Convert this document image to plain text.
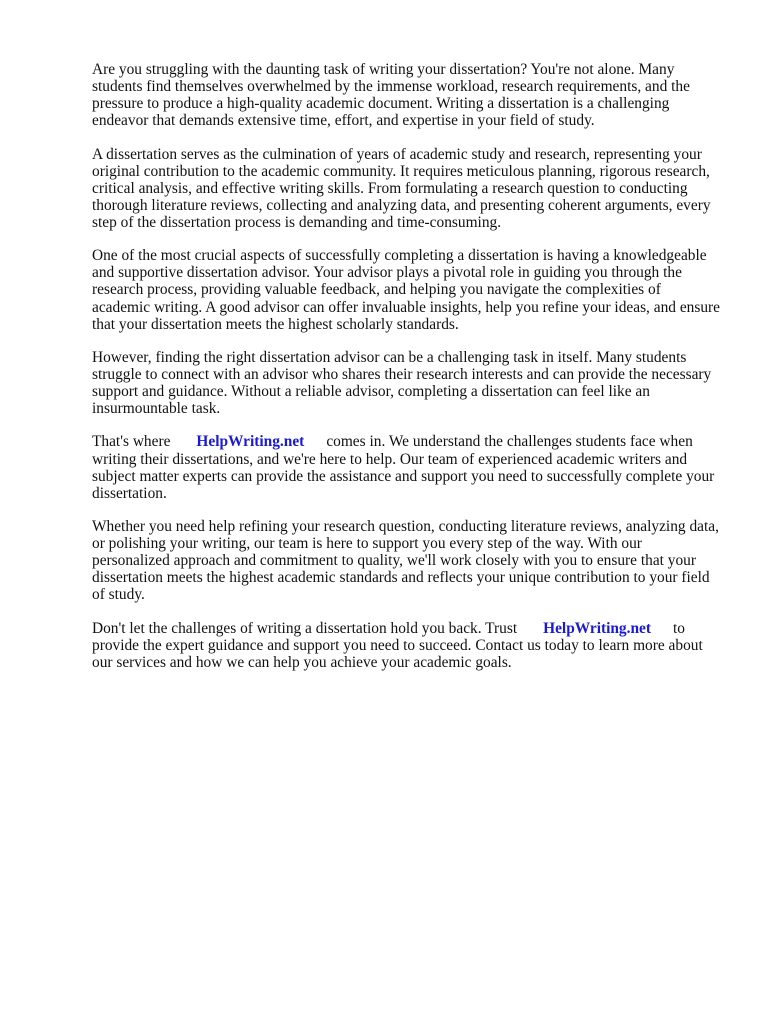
Are you struggling with the daunting task of writing your dissertation? You're not alone. Many students find themselves overwhelmed by the immense workload, research requirements, and the pressure to produce a high-quality academic document. Writing a dissertation is a challenging endeavor that demands extensive time, effort, and expertise in your field of study.

A dissertation serves as the culmination of years of academic study and research, representing your original contribution to the academic community. It requires meticulous planning, rigorous research, critical analysis, and effective writing skills. From formulating a research question to conducting thorough literature reviews, collecting and analyzing data, and presenting coherent arguments, every step of the dissertation process is demanding and time-consuming.

One of the most crucial aspects of successfully completing a dissertation is having a knowledgeable and supportive dissertation advisor. Your advisor plays a pivotal role in guiding you through the research process, providing valuable feedback, and helping you navigate the complexities of academic writing. A good advisor can offer invaluable insights, help you refine your ideas, and ensure that your dissertation meets the highest scholarly standards.

However, finding the right dissertation advisor can be a challenging task in itself. Many students struggle to connect with an advisor who shares their research interests and can provide the necessary support and guidance. Without a reliable advisor, completing a dissertation can feel like an insurmountable task.

That's where HelpWriting.net comes in. We understand the challenges students face when writing their dissertations, and we're here to help. Our team of experienced academic writers and subject matter experts can provide the assistance and support you need to successfully complete your dissertation.

Whether you need help refining your research question, conducting literature reviews, analyzing data, or polishing your writing, our team is here to support you every step of the way. With our personalized approach and commitment to quality, we'll work closely with you to ensure that your dissertation meets the highest academic standards and reflects your unique contribution to your field of study.

Don't let the challenges of writing a dissertation hold you back. Trust HelpWriting.net to provide the expert guidance and support you need to succeed. Contact us today to learn more about our services and how we can help you achieve your academic goals.
